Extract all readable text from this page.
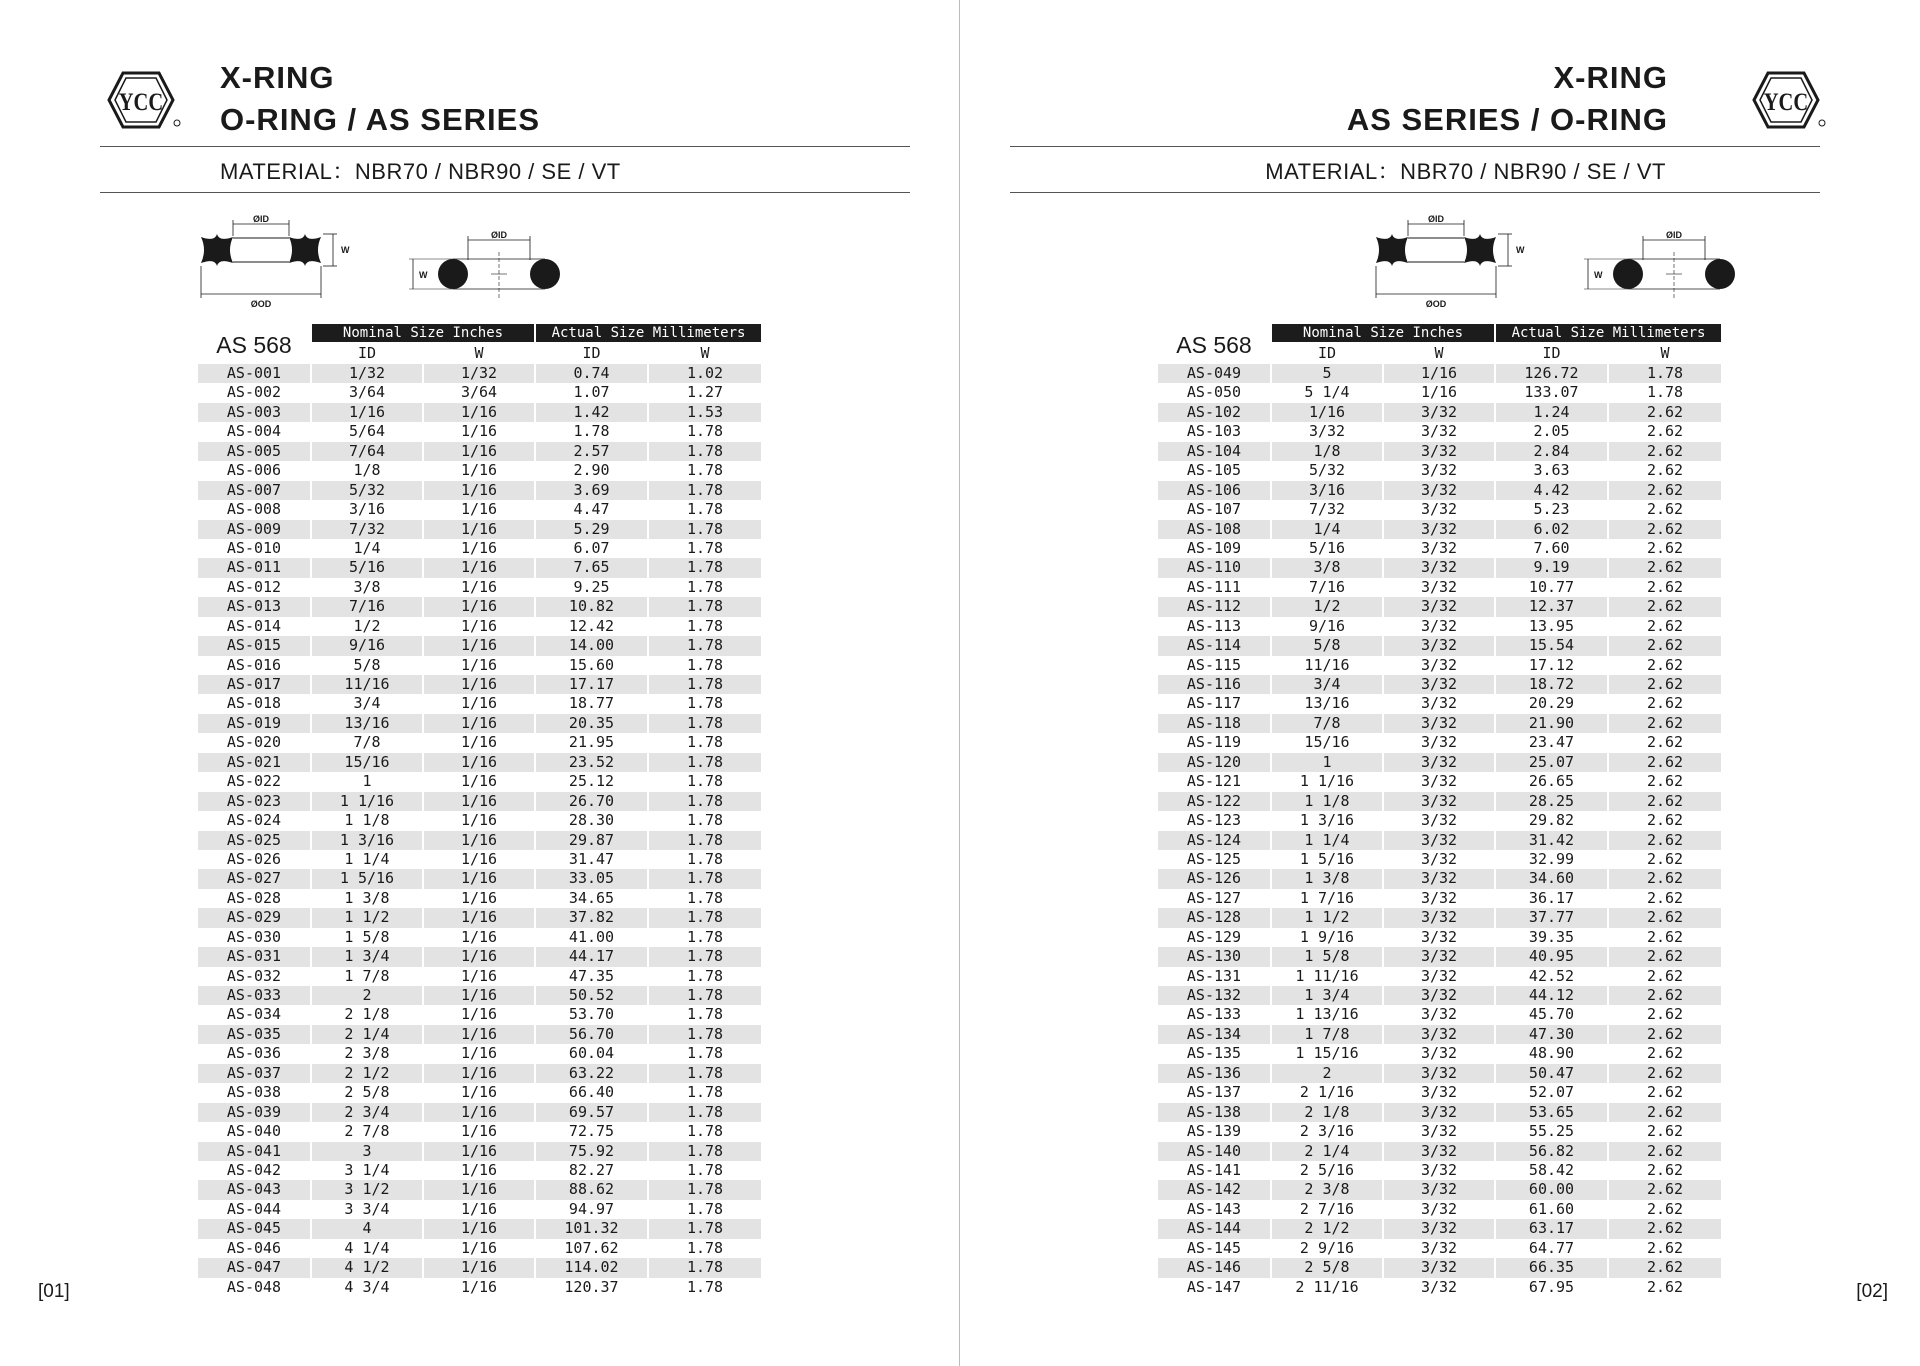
YCC
X-RING
O-RING / AS SERIES
MATERIAL：NBR70 / NBR90 / SE / VT
ØID
ØOD
W
ØID
W
AS 568	Nominal Size Inches	Actual Size Millimeters
ID	W	ID	W
AS-001	1/32	1/32	0.74	1.02
AS-002	3/64	3/64	1.07	1.27
AS-003	1/16	1/16	1.42	1.53
AS-004	5/64	1/16	1.78	1.78
AS-005	7/64	1/16	2.57	1.78
AS-006	1/8	1/16	2.90	1.78
AS-007	5/32	1/16	3.69	1.78
AS-008	3/16	1/16	4.47	1.78
AS-009	7/32	1/16	5.29	1.78
AS-010	1/4	1/16	6.07	1.78
AS-011	5/16	1/16	7.65	1.78
AS-012	3/8	1/16	9.25	1.78
AS-013	7/16	1/16	10.82	1.78
AS-014	1/2	1/16	12.42	1.78
AS-015	9/16	1/16	14.00	1.78
AS-016	5/8	1/16	15.60	1.78
AS-017	11/16	1/16	17.17	1.78
AS-018	3/4	1/16	18.77	1.78
AS-019	13/16	1/16	20.35	1.78
AS-020	7/8	1/16	21.95	1.78
AS-021	15/16	1/16	23.52	1.78
AS-022	1	1/16	25.12	1.78
AS-023	1 1/16	1/16	26.70	1.78
AS-024	1 1/8	1/16	28.30	1.78
AS-025	1 3/16	1/16	29.87	1.78
AS-026	1 1/4	1/16	31.47	1.78
AS-027	1 5/16	1/16	33.05	1.78
AS-028	1 3/8	1/16	34.65	1.78
AS-029	1 1/2	1/16	37.82	1.78
AS-030	1 5/8	1/16	41.00	1.78
AS-031	1 3/4	1/16	44.17	1.78
AS-032	1 7/8	1/16	47.35	1.78
AS-033	2	1/16	50.52	1.78
AS-034	2 1/8	1/16	53.70	1.78
AS-035	2 1/4	1/16	56.70	1.78
AS-036	2 3/8	1/16	60.04	1.78
AS-037	2 1/2	1/16	63.22	1.78
AS-038	2 5/8	1/16	66.40	1.78
AS-039	2 3/4	1/16	69.57	1.78
AS-040	2 7/8	1/16	72.75	1.78
AS-041	3	1/16	75.92	1.78
AS-042	3 1/4	1/16	82.27	1.78
AS-043	3 1/2	1/16	88.62	1.78
AS-044	3 3/4	1/16	94.97	1.78
AS-045	4	1/16	101.32	1.78
AS-046	4 1/4	1/16	107.62	1.78
AS-047	4 1/2	1/16	114.02	1.78
AS-048	4 3/4	1/16	120.37	1.78
[01]
X-RING
AS SERIES / O-RING
YCC
MATERIAL：NBR70 / NBR90 / SE / VT
ØID
ØOD
W
ØID
W
AS 568	Nominal Size Inches	Actual Size Millimeters
ID	W	ID	W
AS-049	5	1/16	126.72	1.78
AS-050	5 1/4	1/16	133.07	1.78
AS-102	1/16	3/32	1.24	2.62
AS-103	3/32	3/32	2.05	2.62
AS-104	1/8	3/32	2.84	2.62
AS-105	5/32	3/32	3.63	2.62
AS-106	3/16	3/32	4.42	2.62
AS-107	7/32	3/32	5.23	2.62
AS-108	1/4	3/32	6.02	2.62
AS-109	5/16	3/32	7.60	2.62
AS-110	3/8	3/32	9.19	2.62
AS-111	7/16	3/32	10.77	2.62
AS-112	1/2	3/32	12.37	2.62
AS-113	9/16	3/32	13.95	2.62
AS-114	5/8	3/32	15.54	2.62
AS-115	11/16	3/32	17.12	2.62
AS-116	3/4	3/32	18.72	2.62
AS-117	13/16	3/32	20.29	2.62
AS-118	7/8	3/32	21.90	2.62
AS-119	15/16	3/32	23.47	2.62
AS-120	1	3/32	25.07	2.62
AS-121	1 1/16	3/32	26.65	2.62
AS-122	1 1/8	3/32	28.25	2.62
AS-123	1 3/16	3/32	29.82	2.62
AS-124	1 1/4	3/32	31.42	2.62
AS-125	1 5/16	3/32	32.99	2.62
AS-126	1 3/8	3/32	34.60	2.62
AS-127	1 7/16	3/32	36.17	2.62
AS-128	1 1/2	3/32	37.77	2.62
AS-129	1 9/16	3/32	39.35	2.62
AS-130	1 5/8	3/32	40.95	2.62
AS-131	1 11/16	3/32	42.52	2.62
AS-132	1 3/4	3/32	44.12	2.62
AS-133	1 13/16	3/32	45.70	2.62
AS-134	1 7/8	3/32	47.30	2.62
AS-135	1 15/16	3/32	48.90	2.62
AS-136	2	3/32	50.47	2.62
AS-137	2 1/16	3/32	52.07	2.62
AS-138	2 1/8	3/32	53.65	2.62
AS-139	2 3/16	3/32	55.25	2.62
AS-140	2 1/4	3/32	56.82	2.62
AS-141	2 5/16	3/32	58.42	2.62
AS-142	2 3/8	3/32	60.00	2.62
AS-143	2 7/16	3/32	61.60	2.62
AS-144	2 1/2	3/32	63.17	2.62
AS-145	2 9/16	3/32	64.77	2.62
AS-146	2 5/8	3/32	66.35	2.62
AS-147	2 11/16	3/32	67.95	2.62	[02]
